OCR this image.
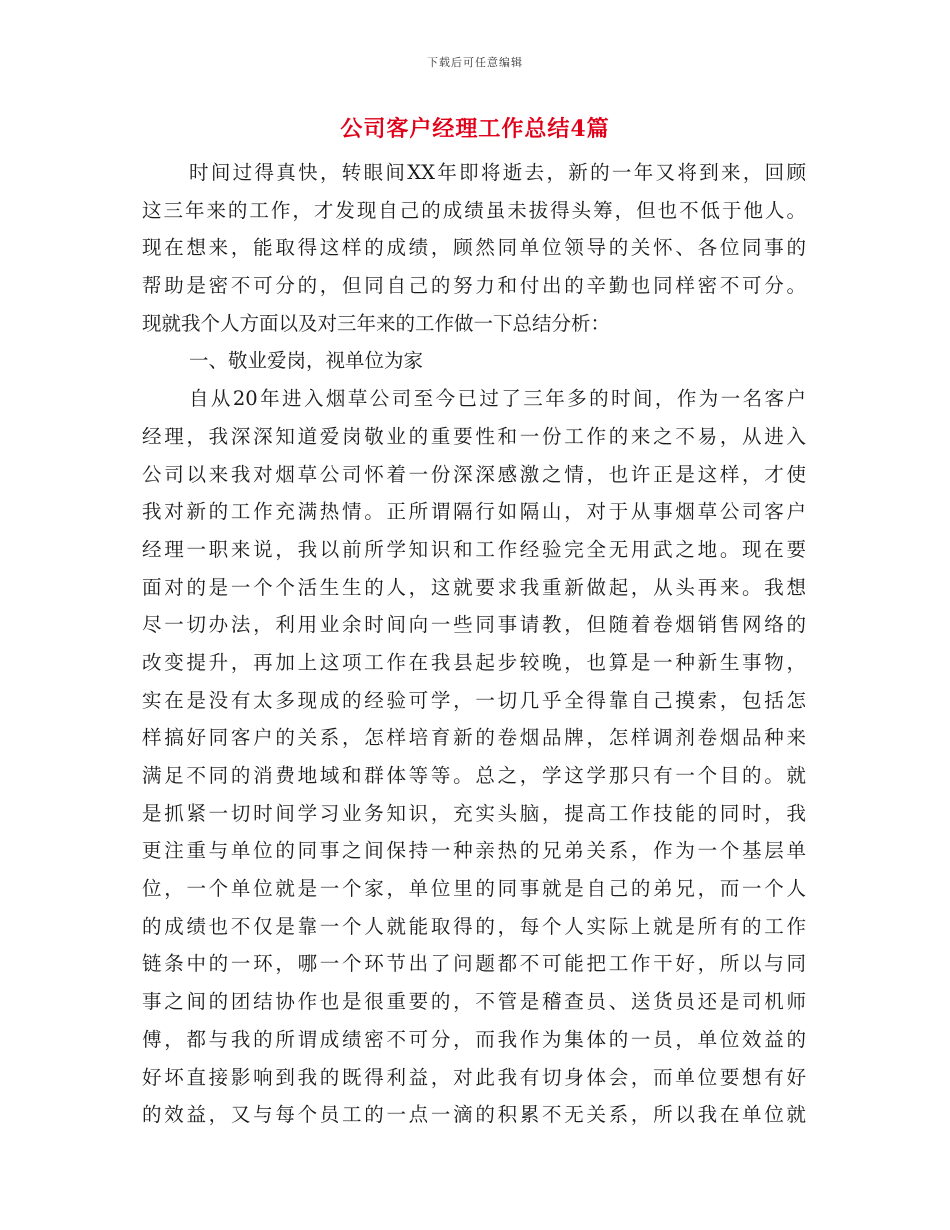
下载后可任意编辑
公司客户经理工作总结4篇
时间过得真快，转眼间XX年即将逝去，新的一年又将到来，回顾
这三年来的工作，才发现自己的成绩虽未拔得头筹，但也不低于他人。
现在想来，能取得这样的成绩，顾然同单位领导的关怀、各位同事的
帮助是密不可分的，但同自己的努力和付出的辛勤也同样密不可分。
现就我个人方面以及对三年来的工作做一下总结分析：
一、敬业爱岗，视单位为家
自从20年进入烟草公司至今已过了三年多的时间，作为一名客户
经理，我深深知道爱岗敬业的重要性和一份工作的来之不易，从进入
公司以来我对烟草公司怀着一份深深感激之情，也许正是这样，才使
我对新的工作充满热情。正所谓隔行如隔山，对于从事烟草公司客户
经理一职来说，我以前所学知识和工作经验完全无用武之地。现在要
面对的是一个个活生生的人，这就要求我重新做起，从头再来。我想
尽一切办法，利用业余时间向一些同事请教，但随着卷烟销售网络的
改变提升，再加上这项工作在我县起步较晚，也算是一种新生事物，
实在是没有太多现成的经验可学，一切几乎全得靠自己摸索，包括怎
样搞好同客户的关系，怎样培育新的卷烟品牌，怎样调剂卷烟品种来
满足不同的消费地域和群体等等。总之，学这学那只有一个目的。就
是抓紧一切时间学习业务知识，充实头脑，提高工作技能的同时，我
更注重与单位的同事之间保持一种亲热的兄弟关系，作为一个基层单
位，一个单位就是一个家，单位里的同事就是自己的弟兄，而一个人
的成绩也不仅是靠一个人就能取得的，每个人实际上就是所有的工作
链条中的一环，哪一个环节出了问题都不可能把工作干好，所以与同
事之间的团结协作也是很重要的，不管是稽查员、送货员还是司机师
傅，都与我的所谓成绩密不可分，而我作为集体的一员，单位效益的
好坏直接影响到我的既得利益，对此我有切身体会，而单位要想有好
的效益，又与每个员工的一点一滴的积累不无关系，所以我在单位就
